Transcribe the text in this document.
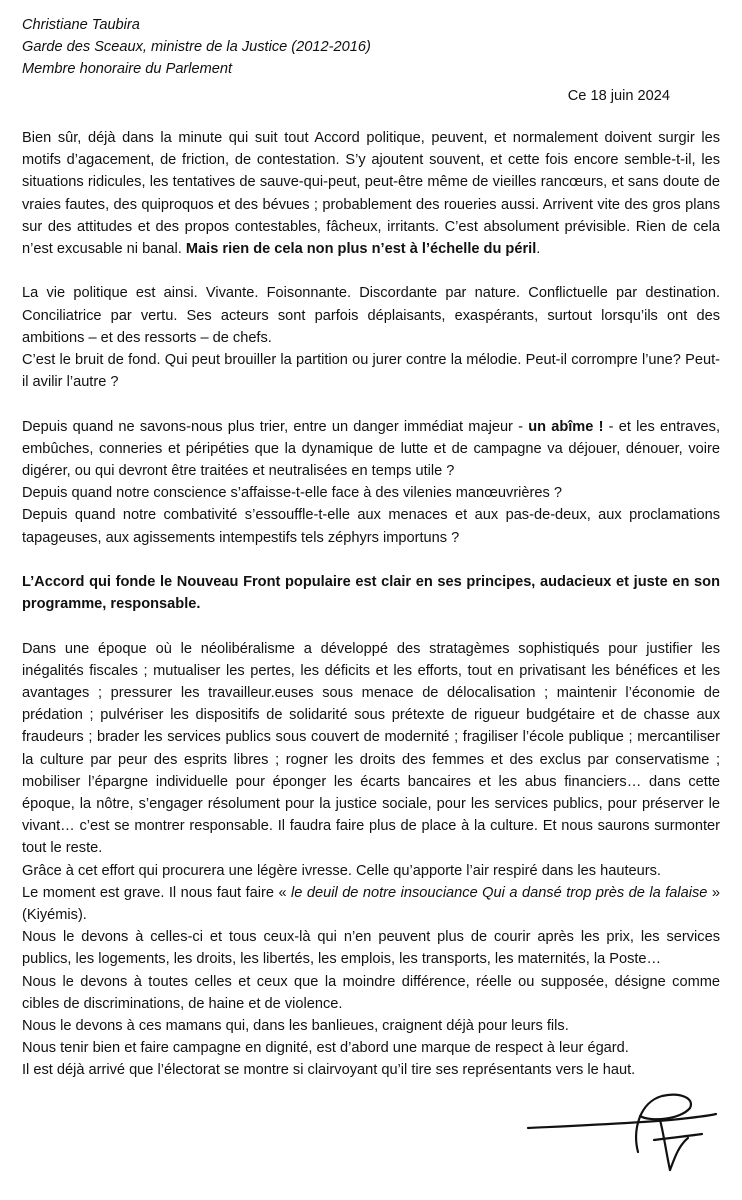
Christiane Taubira
Garde des Sceaux, ministre de la Justice (2012-2016)
Membre honoraire du Parlement
Ce 18 juin 2024

Bien sûr, déjà dans la minute qui suit tout Accord politique, peuvent, et normalement doivent surgir les motifs d’agacement, de friction, de contestation. S’y ajoutent souvent, et cette fois encore semble-t-il, les situations ridicules, les tentatives de sauve-qui-peut, peut-être même de vieilles rancœurs, et sans doute de vraies fautes, des quiproquos et des bévues ; probablement des roueries aussi. Arrivent vite des gros plans sur des attitudes et des propos contestables, fâcheux, irritants. C’est absolument prévisible. Rien de cela n’est excusable ni banal. Mais rien de cela non plus n’est à l’échelle du péril.

La vie politique est ainsi. Vivante. Foisonnante. Discordante par nature. Conflictuelle par destination. Conciliatrice par vertu. Ses acteurs sont parfois déplaisants, exaspérants, surtout lorsqu’ils ont des ambitions – et des ressorts – de chefs.

C’est le bruit de fond. Qui peut brouiller la partition ou jurer contre la mélodie. Peut-il corrompre l’une? Peut-il avilir l’autre ?

Depuis quand ne savons-nous plus trier, entre un danger immédiat majeur - un abîme ! - et les entraves, embûches, conneries et péripéties que la dynamique de lutte et de campagne va déjouer, dénouer, voire digérer, ou qui devront être traitées et neutralisées en temps utile ?

Depuis quand notre conscience s’affaisse-t-elle face à des vilenies manœuvrières ?

Depuis quand notre combativité s’essouffle-t-elle aux menaces et aux pas-de-deux, aux proclamations tapageuses, aux agissements intempestifs tels zéphyrs importuns ?

L’Accord qui fonde le Nouveau Front populaire est clair en ses principes, audacieux et juste en son programme, responsable.

Dans une époque où le néolibéralisme a développé des stratagèmes sophistiqués pour justifier les inégalités fiscales ; mutualiser les pertes, les déficits et les efforts, tout en privatisant les bénéfices et les avantages ; pressurer les travailleur.euses sous menace de délocalisation ; maintenir l’économie de prédation ; pulvériser les dispositifs de solidarité sous prétexte de rigueur budgétaire et de chasse aux fraudeurs ; brader les services publics sous couvert de modernité ; fragiliser l’école publique ; mercantiliser la culture par peur des esprits libres ; rogner les droits des femmes et des exclus par conservatisme ; mobiliser l’épargne individuelle pour éponger les écarts bancaires et les abus financiers… dans cette époque, la nôtre, s’engager résolument pour la justice sociale, pour les services publics, pour préserver le vivant… c’est se montrer responsable. Il faudra faire plus de place à la culture. Et nous saurons surmonter tout le reste.

Grâce à cet effort qui procurera une légère ivresse. Celle qu’apporte l’air respiré dans les hauteurs.

Le moment est grave. Il nous faut faire « le deuil de notre insouciance Qui a dansé trop près de la falaise » (Kiyémis).

Nous le devons à celles-ci et tous ceux-là qui n’en peuvent plus de courir après les prix, les services publics, les logements, les droits, les libertés, les emplois, les transports, les maternités, la Poste…

Nous le devons à toutes celles et ceux que la moindre différence, réelle ou supposée, désigne comme cibles de discriminations, de haine et de violence.

Nous le devons à ces mamans qui, dans les banlieues, craignent déjà pour leurs fils.

Nous tenir bien et faire campagne en dignité, est d’abord une marque de respect à leur égard.

Il est déjà arrivé que l’électorat se montre si clairvoyant qu’il tire ses représentants vers le haut.
